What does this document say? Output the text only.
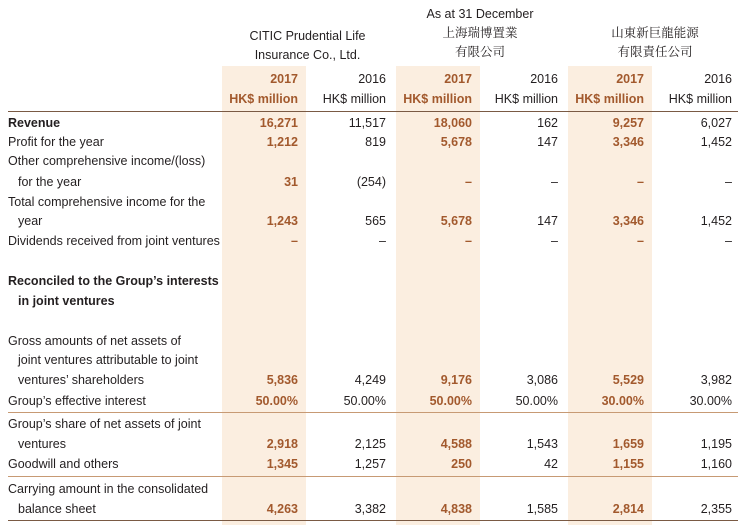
As at 31 December
CITIC Prudential Life
Insurance Co., Ltd.
上海瑞博置業
有限公司
山東新巨龍能源
有限責任公司
2017	2016	2017	2016	2017	2016
HK$ million HK$ million HK$ million HK$ million HK$ million HK$ million
Revenue	16,271	11,517	18,060	162	9,257	6,027
Profit for the year	1,212	819	5,678	147	3,346	1,452
Other comprehensive income/(loss)
for the year	31	(254)	–	–	–	–
Total comprehensive income for the
year	1,243	565	5,678	147	3,346	1,452
Dividends received from joint ventures	–	–	–	–	–	–
Reconciled to the Group’s interests
in joint ventures
Gross amounts of net assets of
joint ventures attributable to joint
ventures’ shareholders	5,836	4,249	9,176	3,086	5,529	3,982
Group’s effective interest	50.00%	50.00%	50.00%	50.00%	30.00%	30.00%
Group’s share of net assets of joint
ventures	2,918	2,125	4,588	1,543	1,659	1,195
Goodwill and others	1,345	1,257	250	42	1,155	1,160
Carrying amount in the consolidated
balance sheet	4,263	3,382	4,838	1,585	2,814	2,355
